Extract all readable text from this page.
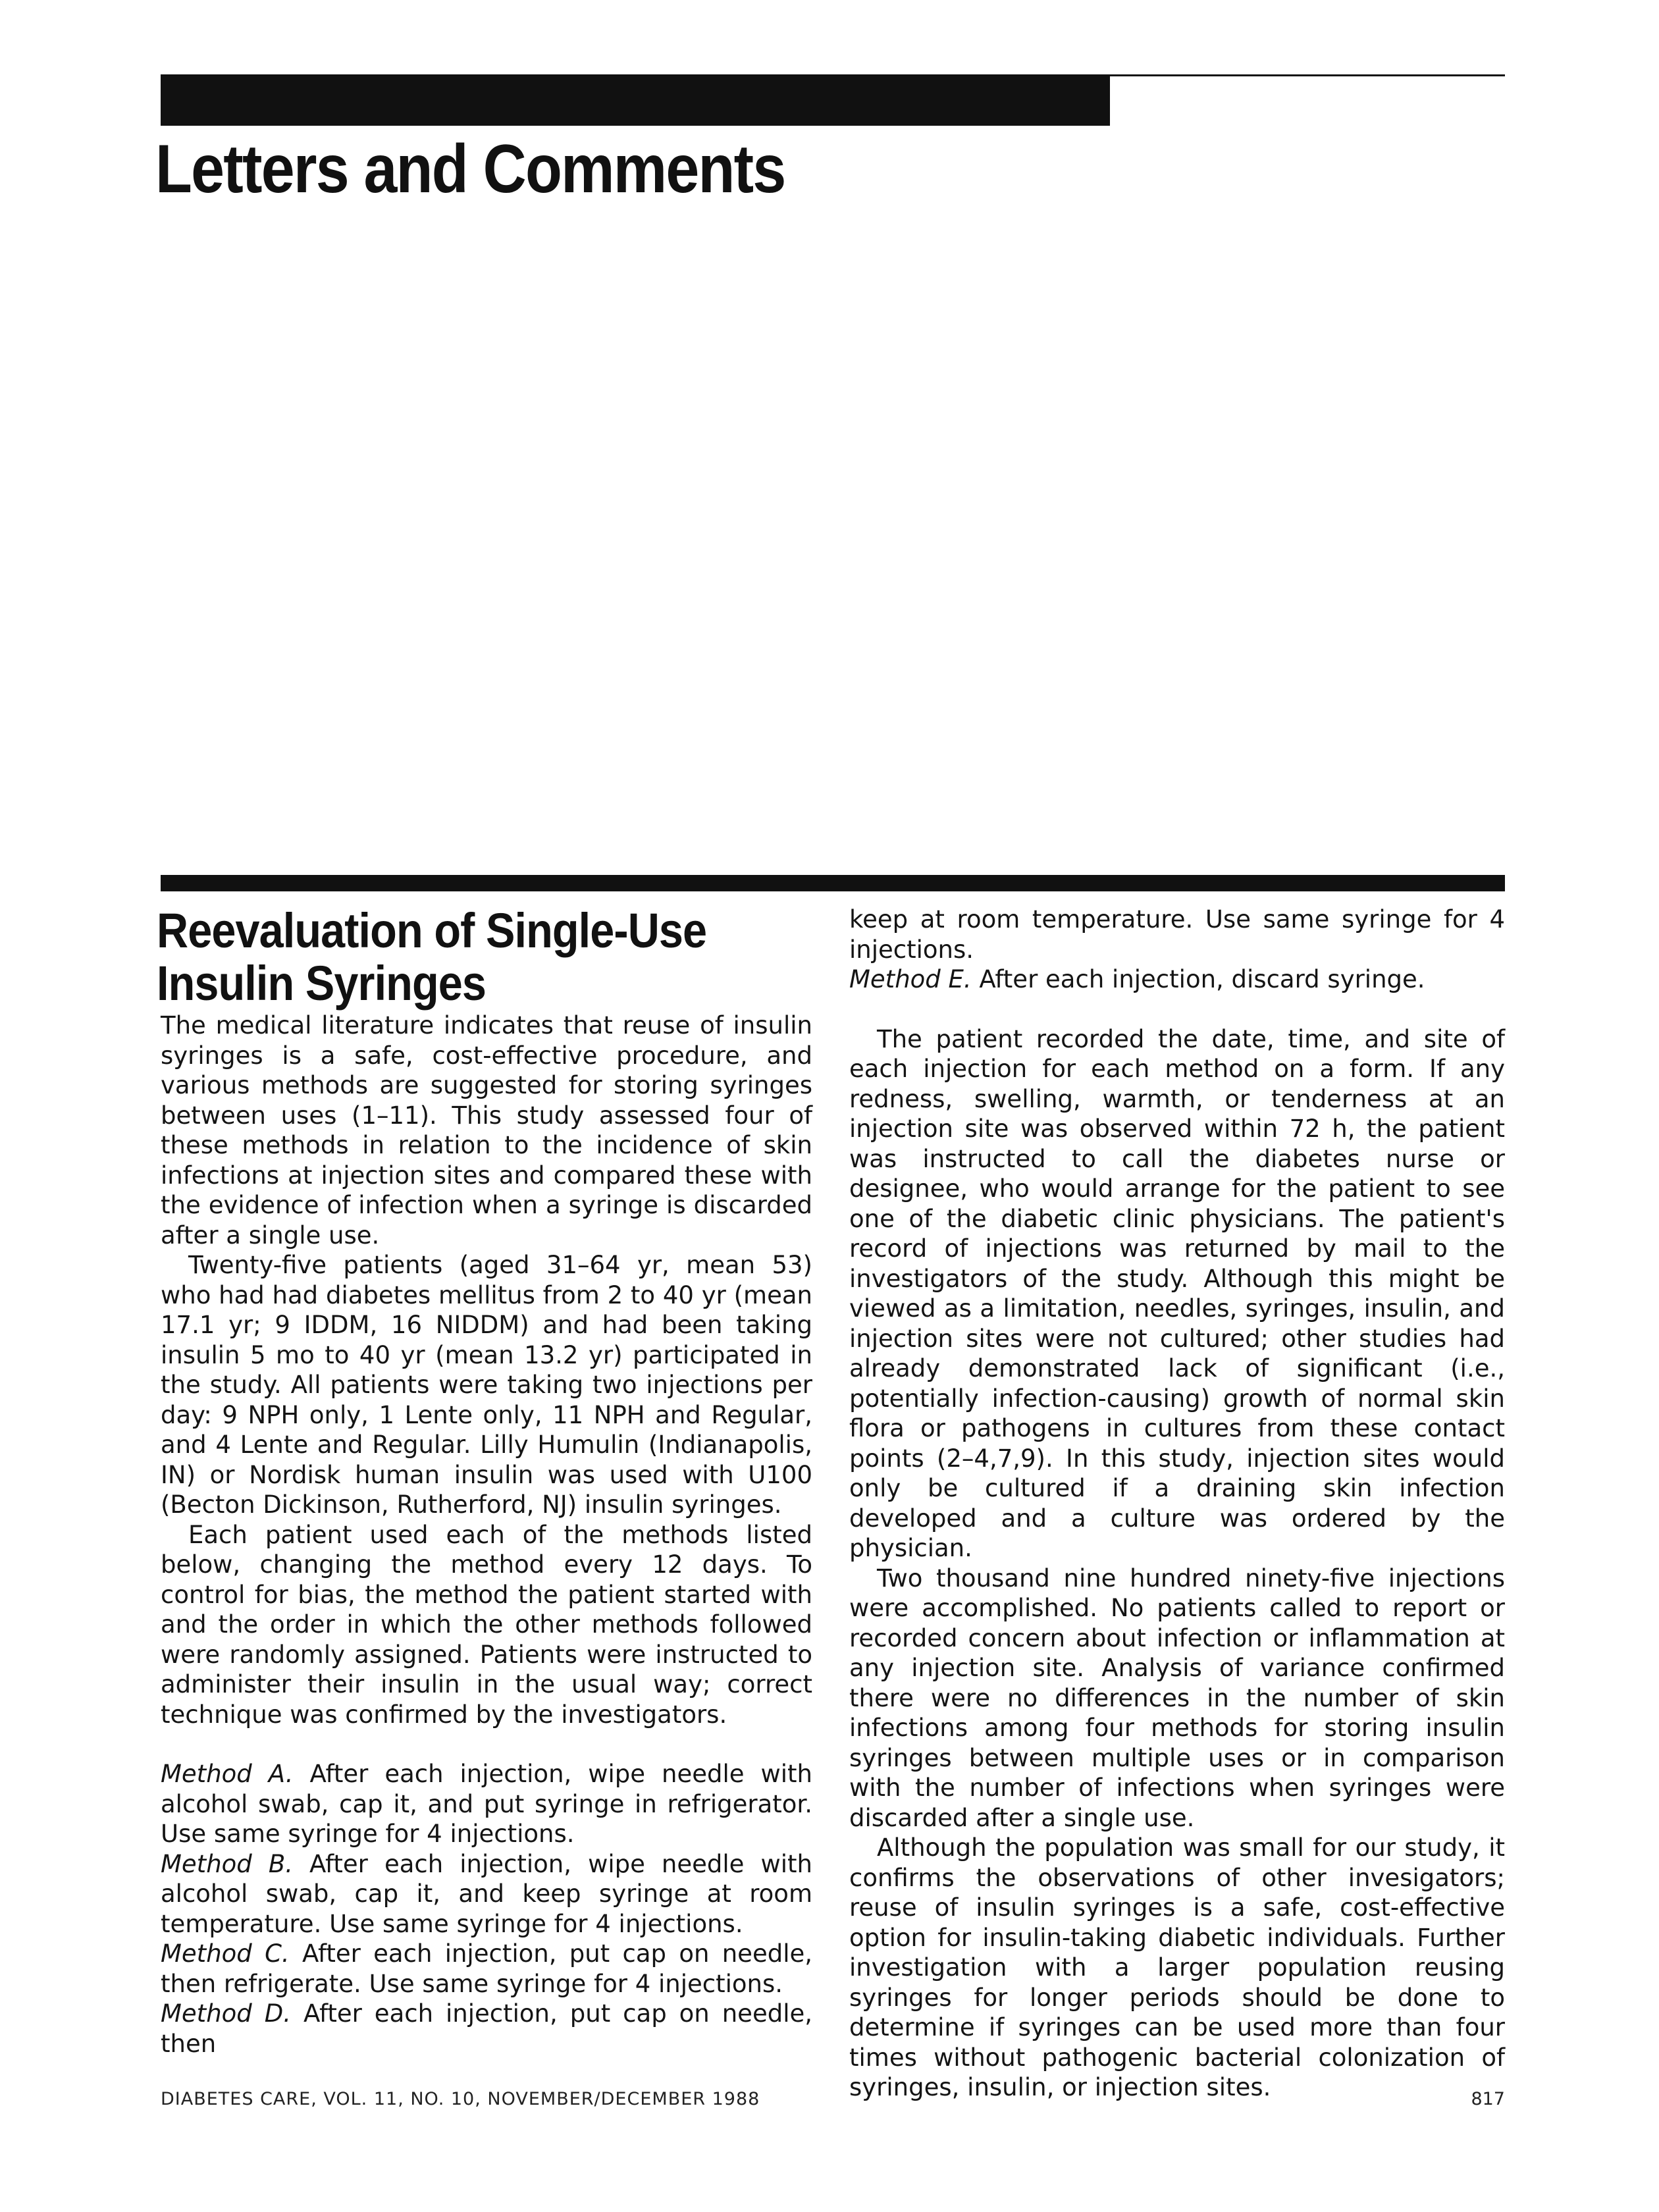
Letters and Comments
Reevaluation of Single-Use Insulin Syringes

The medical literature indicates that reuse of insulin syringes is a safe, cost-effective procedure, and various methods are suggested for storing syringes between uses (1–11). This study assessed four of these methods in relation to the incidence of skin infections at injection sites and compared these with the evidence of infection when a syringe is discarded after a single use.

Twenty-five patients (aged 31–64 yr, mean 53) who had had diabetes mellitus from 2 to 40 yr (mean 17.1 yr; 9 IDDM, 16 NIDDM) and had been taking insulin 5 mo to 40 yr (mean 13.2 yr) participated in the study. All patients were taking two injections per day: 9 NPH only, 1 Lente only, 11 NPH and Regular, and 4 Lente and Regular. Lilly Humulin (Indianapolis, IN) or Nordisk human insulin was used with U100 (Becton Dickinson, Rutherford, NJ) insulin syringes.

Each patient used each of the methods listed below, changing the method every 12 days. To control for bias, the method the patient started with and the order in which the other methods followed were randomly assigned. Patients were instructed to administer their insulin in the usual way; correct technique was confirmed by the investigators.

Method A. After each injection, wipe needle with alcohol swab, cap it, and put syringe in refrigerator. Use same syringe for 4 injections.

Method B. After each injection, wipe needle with alcohol swab, cap it, and keep syringe at room temperature. Use same syringe for 4 injections.

Method C. After each injection, put cap on needle, then refrigerate. Use same syringe for 4 injections.

Method D. After each injection, put cap on needle, then

keep at room temperature. Use same syringe for 4 injections.

Method E. After each injection, discard syringe.

The patient recorded the date, time, and site of each injection for each method on a form. If any redness, swelling, warmth, or tenderness at an injection site was observed within 72 h, the patient was instructed to call the diabetes nurse or designee, who would arrange for the patient to see one of the diabetic clinic physicians. The patient's record of injections was returned by mail to the investigators of the study. Although this might be viewed as a limitation, needles, syringes, insulin, and injection sites were not cultured; other studies had already demonstrated lack of significant (i.e., potentially infection-causing) growth of normal skin flora or pathogens in cultures from these contact points (2–4,7,9). In this study, injection sites would only be cultured if a draining skin infection developed and a culture was ordered by the physician.

Two thousand nine hundred ninety-five injections were accomplished. No patients called to report or recorded concern about infection or inflammation at any injection site. Analysis of variance confirmed there were no differences in the number of skin infections among four methods for storing insulin syringes between multiple uses or in comparison with the number of infections when syringes were discarded after a single use.

Although the population was small for our study, it confirms the observations of other invesigators; reuse of insulin syringes is a safe, cost-effective option for insulin-taking diabetic individuals. Further investigation with a larger population reusing syringes for longer periods should be done to determine if syringes can be used more than four times without pathogenic bacterial colonization of syringes, insulin, or injection sites.

DIABETES CARE, VOL. 11, NO. 10, NOVEMBER/DECEMBER 1988	817
